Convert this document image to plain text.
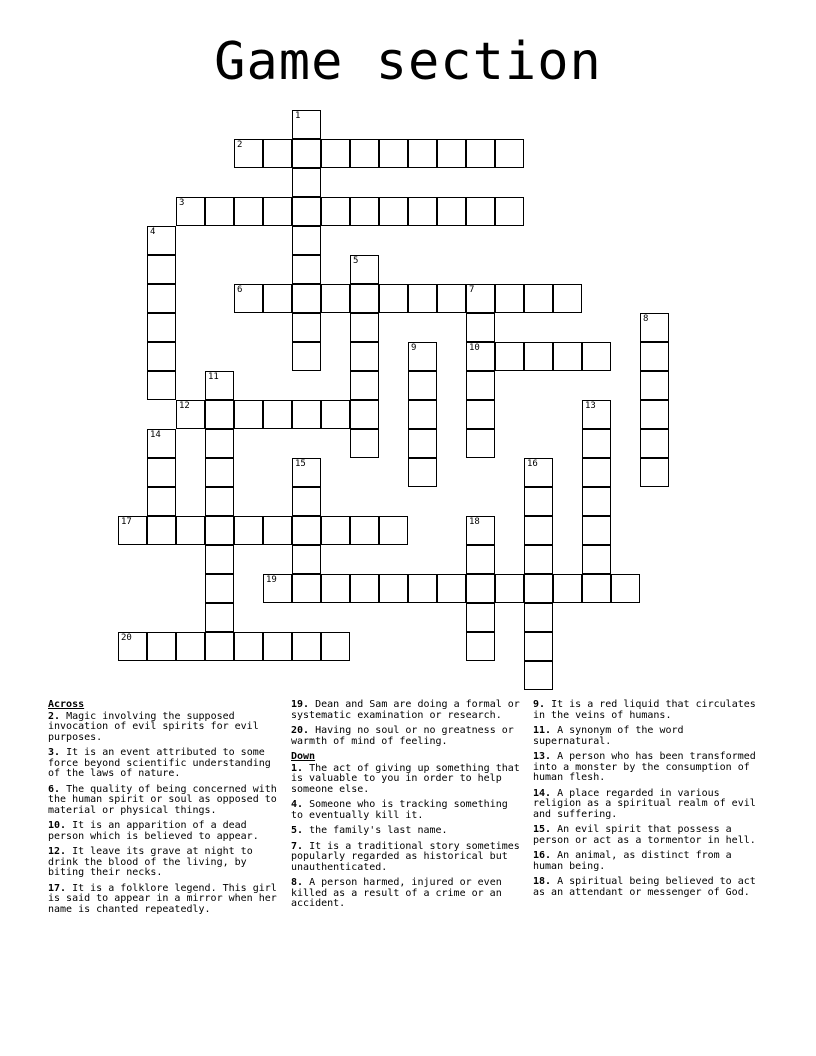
Game section
1
2
3
4
5
6	7
10
8
9
11
12	13
14
15	16
17	18
19
20
Across
2. Magic involving the supposed invocation of evil spirits for evil purposes.
3. It is an event attributed to some force beyond scientific understanding of the laws of nature.
6. The quality of being concerned with the human spirit or soul as opposed to material or physical things.
10. It is an apparition of a dead person which is believed to appear.
12. It leave its grave at night to drink the blood of the living, by biting their necks.
17. It is a folklore legend. This girl is said to appear in a mirror when her name is chanted repeatedly.
19. Dean and Sam are doing a formal or systematic examination or research.
20. Having no soul or no greatness or warmth of mind of feeling.
Down
1. The act of giving up something that is valuable to you in order to help someone else.
4. Someone who is tracking something to eventually kill it.
5. the family's last name.
7. It is a traditional story sometimes popularly regarded as historical but unauthenticated.
8. A person harmed, injured or even killed as a result of a crime or an accident.
9. It is a red liquid that circulates in the veins of humans.
11. A synonym of the word supernatural.
13. A person who has been transformed into a monster by the consumption of human flesh.
14. A place regarded in various religion as a spiritual realm of evil and suffering.
15. An evil spirit that possess a person or act as a tormentor in hell.
16. An animal, as distinct from a human being.
18. A spiritual being believed to act as an attendant or messenger of God.
